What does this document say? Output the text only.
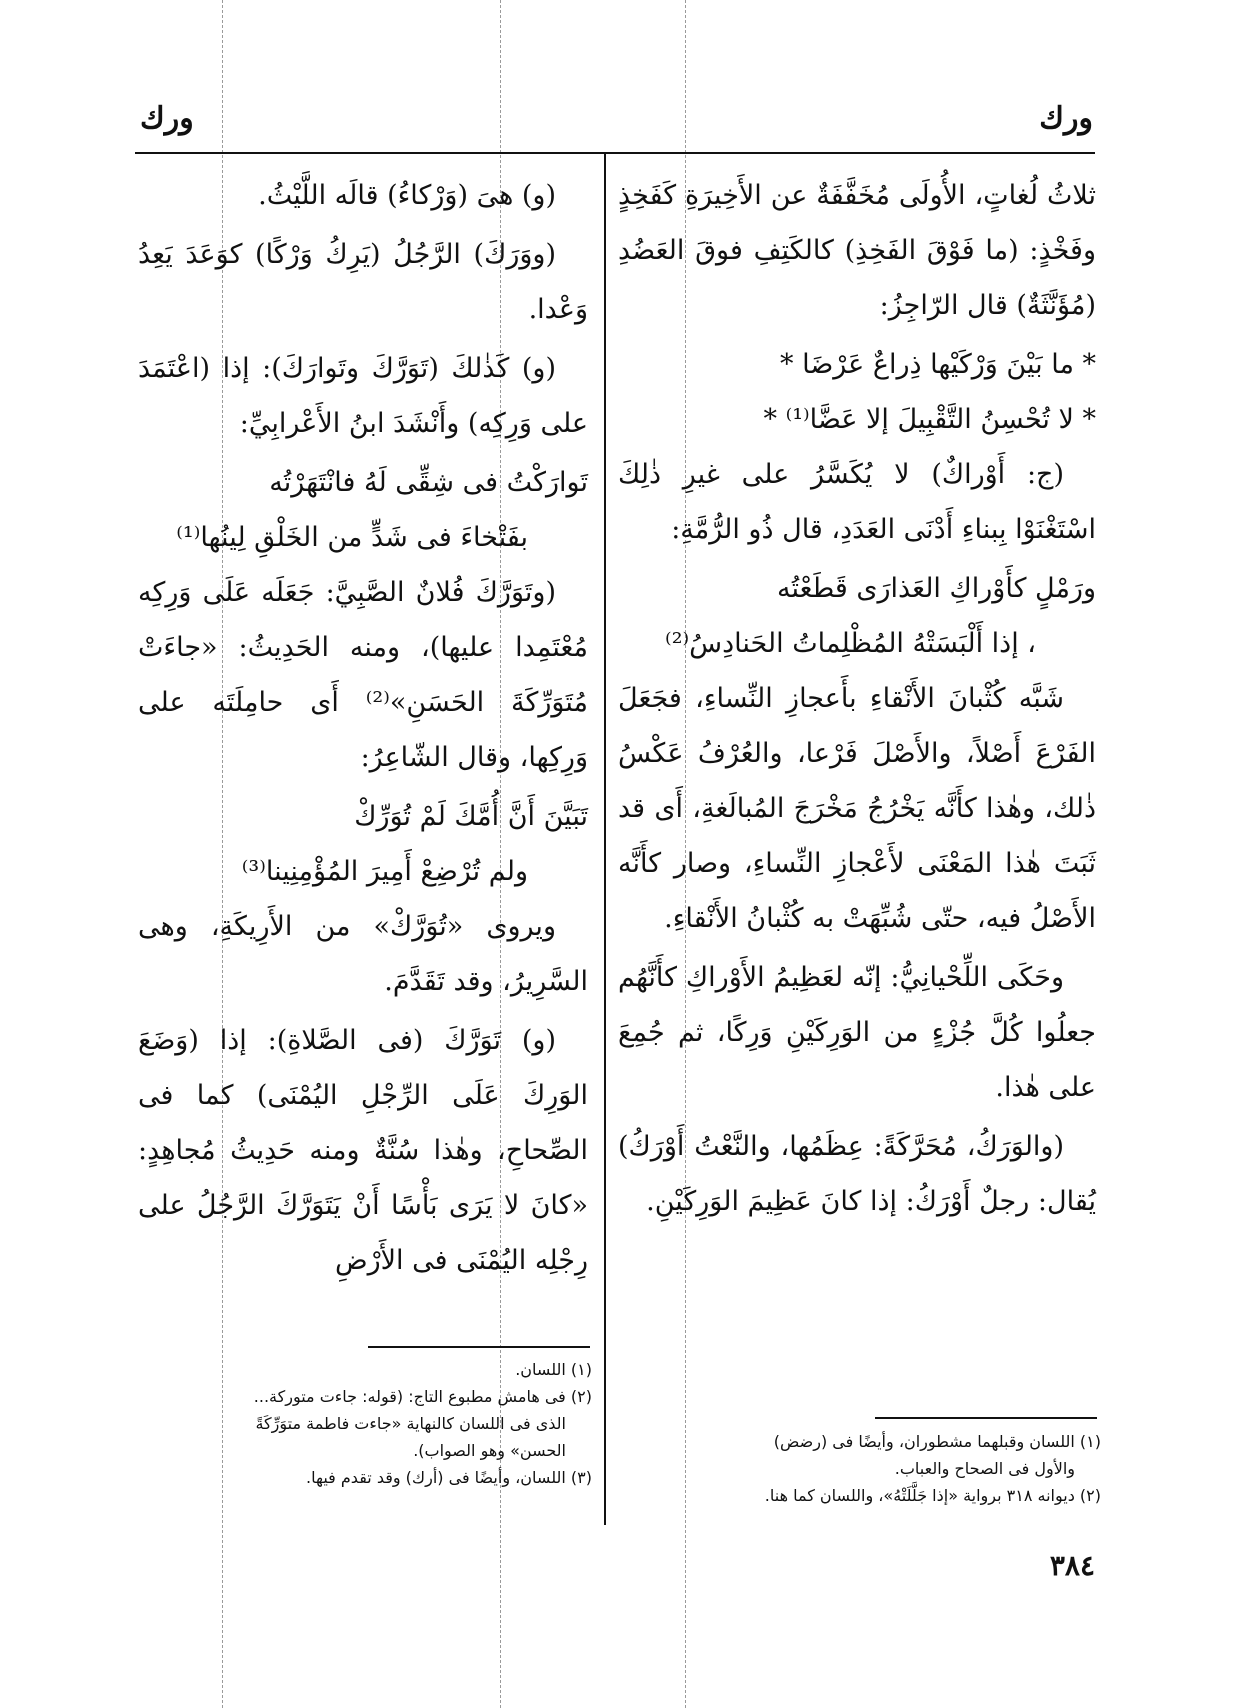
ورك	ورك

ثلاثُ لُغاتٍ، الأُولَى مُخَفَّفَةٌ عن الأَخِيرَةِ كَفَخِذٍ وفَخْذٍ: (ما فَوْقَ الفَخِذِ) كالكَتِفِ فوقَ العَضُدِ (مُؤَنَّثَةٌ) قال الرّاجِزُ:

* ما بَيْنَ وَرْكَيْها ذِراعٌ عَرْضَا *

* لا تُحْسِنُ التَّقْبِيلَ إلا عَضَّا⁽¹⁾ *

(ج: أَوْراكٌ) لا يُكَسَّرُ على غيرِ ذٰلِكَ اسْتَغْنَوْا بِبناءِ أَدْنَى العَدَدِ، قال ذُو الرُّمَّةِ:

ورَمْلٍ كأَوْراكِ العَذارَى قَطَعْتُه

، إذا أَلْبَسَتْهُ المُظْلِماتُ الحَنادِسُ⁽²⁾

شَبَّه كُثْبانَ الأَنْقاءِ بأَعجازِ النِّساءِ، فجَعَلَ الفَرْعَ أَصْلاً، والأَصْلَ فَرْعا، والعُرْفُ عَكْسُ ذٰلك، وهٰذا كأَنَّه يَخْرُجُ مَخْرَجَ المُبالَغةِ، أَى قد ثَبَتَ هٰذا المَعْنَى لأَعْجازِ النِّساءِ، وصار كأَنَّه الأَصْلُ فيه، حتّى شُبِّهَتْ به كُثْبانُ الأَنْقاءِ.

وحَكَى اللِّحْيانِيُّ: إنّه لعَظِيمُ الأَوْراكِ كأَنَّهُم جعلُوا كُلَّ جُزْءٍ من الوَرِكَيْنِ وَرِكًا، ثم جُمِعَ على هٰذا.

(والوَرَكُ، مُحَرَّكَةً: عِظَمُها، والنَّعْتُ أَوْرَكُ) يُقال: رجلٌ أَوْرَكُ: إذا كانَ عَظِيمَ الوَرِكَيْنِ.

(و) هىَ (وَرْكاءُ) قالَه اللَّيْثُ.

(ووَرَكَ) الرَّجُلُ (يَرِكُ وَرْكًا) كوَعَدَ يَعِدُ وَعْدا.

(و) كَذٰلكَ (تَوَرَّكَ وتَوارَكَ): إذا (اعْتَمَدَ على وَرِكِه) وأَنْشَدَ ابنُ الأَعْرابِيِّ:

تَوارَكْتُ فى شِقِّى لَهُ فانْتَهَرْتُه

بفَتْخاءَ فى شَدٍّ من الخَلْقِ لِينُها⁽¹⁾

(وتَوَرَّكَ فُلانٌ الصَّبِيَّ: جَعَلَه عَلَى وَرِكِه مُعْتَمِدا عليها)، ومنه الحَدِيثُ: «جاءَتْ مُتَوَرِّكَةَ الحَسَنِ»⁽²⁾ أَى حامِلَتَه على وَرِكِها، وقال الشّاعِرُ:

تَبَيَّنَ أَنَّ أُمَّكَ لَمْ تُوَرِّكْ

ولم تُرْضِعْ أَمِيرَ المُؤْمِنِينا⁽³⁾

ويروى «تُوَرَّكْ» من الأَرِيكَةِ، وهى السَّرِيرُ، وقد تَقَدَّمَ.

(و) تَوَرَّكَ (فى الصَّلاةِ): إذا (وَضَعَ الوَرِكَ عَلَى الرِّجْلِ اليُمْنَى) كما فى الصِّحاحِ، وهٰذا سُنَّةٌ ومنه حَدِيثُ مُجاهِدٍ: «كانَ لا يَرَى بَأْسًا أَنْ يَتَوَرَّكَ الرَّجُلُ على رِجْلِه اليُمْنَى فى الأَرْضِ

(١) اللسان.
(٢) فى هامش مطبوع التاج: (قوله: جاءت متوركة...
الذى فى اللسان كالنهاية «جاءت فاطمة متوَرِّكَةً
الحسن» وهو الصواب).
(٣) اللسان، وأيضًا فى (أرك) وقد تقدم فيها.
(١) اللسان وقبلهما مشطوران، وأيضًا فى (رضض)
والأول فى الصحاح والعباب.
(٢) ديوانه ٣١٨ برواية «إذا جَلَّلَتْهُ»، واللسان كما هنا.
٣٨٤
